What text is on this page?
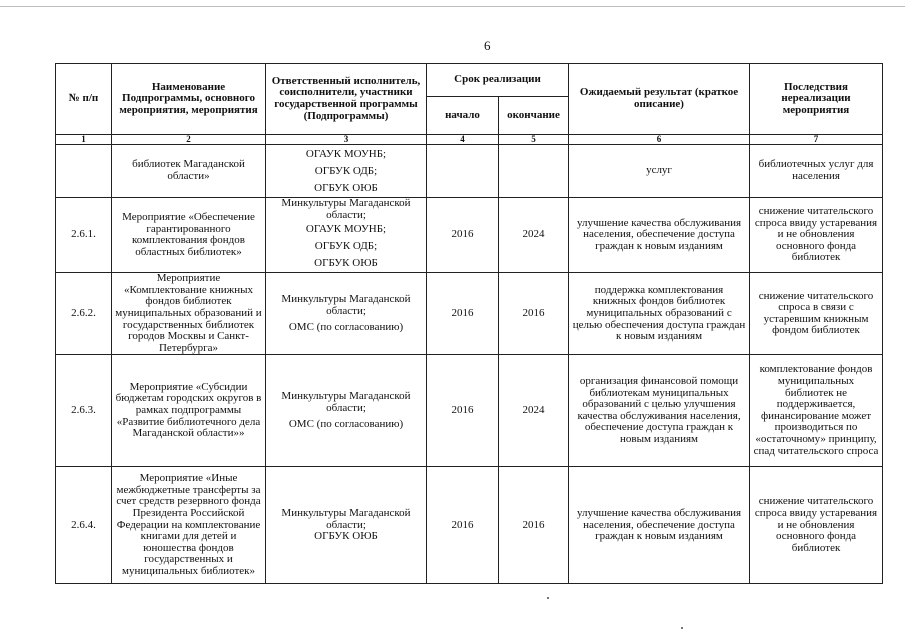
6
№ п/п	Наименование Подпрограммы, основного мероприятия, мероприятия	Ответственный исполнитель, соисполнители, участники государственной программы (Подпрограммы)	Срок реализации		Ожидаемый результат (краткое описание)	Последствия нереализации мероприятия
			начало	окончание		
1	2	3	4	5	6	7
	библиотек Магаданской области»	ОГАУК МОУНБ;
ОГБУК ОДБ;
ОГБУК ОЮБ			услуг	библиотечных услуг для населения
2.6.1.	Мероприятие «Обеспечение гарантированного комплектования фондов областных библиотек»	Минкультуры Магаданской области;
ОГАУК МОУНБ;
ОГБУК ОДБ;
ОГБУК ОЮБ	2016	2024	улучшение качества обслуживания населения, обеспечение доступа граждан к новым изданиям	снижение читательского спроса ввиду устаревания и не обновления основного фонда библиотек
2.6.2.	Мероприятие «Комплектование книжных фондов библиотек муниципальных образований и государственных библиотек городов Москвы и Санкт-Петербурга»	Минкультуры Магаданской области;
ОМС (по согласованию)	2016	2016	поддержка комплектования книжных фондов библиотек муниципальных образований с целью обеспечения доступа граждан к новым изданиям	снижение читательского спроса в связи с устаревшим книжным фондом библиотек
2.6.3.	Мероприятие «Субсидии бюджетам городских округов в рамках подпрограммы «Развитие библиотечного дела Магаданской области»»	Минкультуры Магаданской области;
ОМС (по согласованию)	2016	2024	организация финансовой помощи библиотекам муниципальных образований с целью улучшения качества обслуживания населения, обеспечение доступа граждан к новым изданиям	комплектование фондов муниципальных библиотек не поддерживается, финансирование может производиться по «остаточному» принципу, спад читательского спроса
2.6.4.	Мероприятие «Иные межбюджетные трансферты за счет средств резервного фонда Президента Российской Федерации на комплектование книгами для детей и юношества фондов государственных и муниципальных библиотек»	Минкультуры Магаданской области;
ОГБУК ОЮБ	2016	2016	улучшение качества обслуживания населения, обеспечение доступа граждан к новым изданиям	снижение читательского спроса ввиду устаревания и не обновления основного фонда библиотек
